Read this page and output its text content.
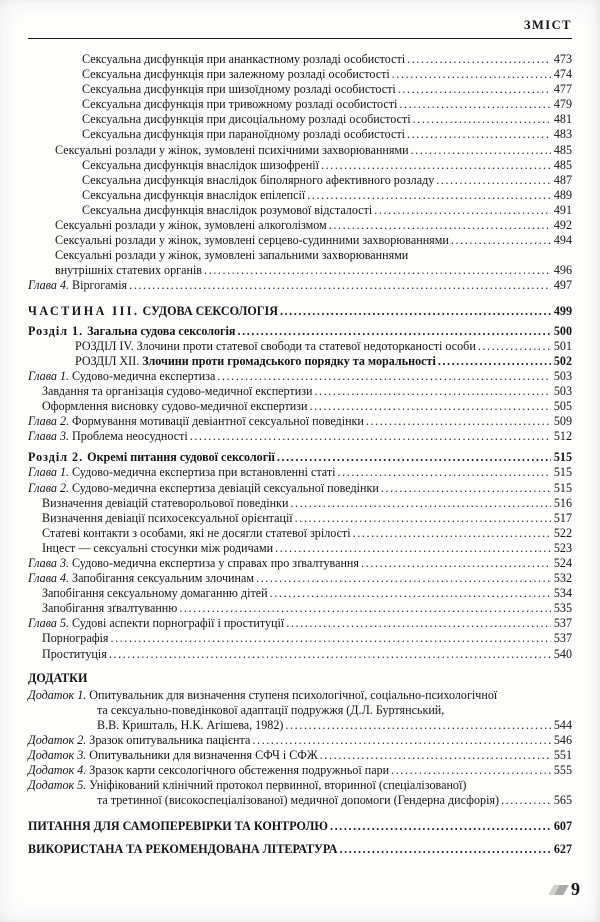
ЗМІСТ
Сексуальна дисфункція при ананкастному розладі особистості .....	473
Сексуальна дисфункція при залежному розладі особистості .....	474
Сексуальна дисфункція при шизоїдному розладі особистості .....	477
Сексуальна дисфункція при тривожному розладі особистості .....	479
Сексуальна дисфункція при дисоціальному розладі особистості .....	481
Сексуальна дисфункція при параноїдному розладі особистості .....	483
Сексуальні розлади у жінок, зумовлені психічними захворюваннями .....	485
Сексуальна дисфункція внаслідок шизофренії .....	485
Сексуальна дисфункція внаслідок біполярного афективного розладу .....	487
Сексуальна дисфункція внаслідок епілепсії .....	489
Сексуальна дисфункція внаслідок розумової відсталості .....	491
Сексуальні розлади у жінок, зумовлені алкоголізмом .....	492
Сексуальні розлади у жінок, зумовлені серцево-судинними захворюваннями .....	494
Сексуальні розлади у жінок, зумовлені запальними захворюваннями
внутрішніх статевих органів .....	496
Глава 4. Віргогамія .....	497
ЧАСТИНА III. СУДОВА СЕКСОЛОГІЯ .....	499
Розділ 1. Загальна судова сексологія .....	500
РОЗДІЛ IV. Злочини проти статевої свободи та статевої недоторканості особи .....	501
РОЗДІЛ XII. Злочини проти громадського порядку та моральності .....	502
Глава 1. Судово-медична експертиза .....	503
Завдання та організація судово-медичної експертизи .....	503
Оформлення висновку судово-медичної експертизи .....	505
Глава 2. Формування мотивації девіантної сексуальної поведінки .....	509
Глава 3. Проблема неосудності .....	512
Розділ 2. Окремі питання судової сексології .....	515
Глава 1. Судово-медична експертиза при встановленні статі .....	515
Глава 2. Судово-медична експертиза девіацій сексуальної поведінки .....	515
Визначення девіацій статеворольової поведінки .....	516
Визначення девіації психосексуальної орієнтації .....	517
Статеві контакти з особами, які не досягли статевої зрілості .....	522
Інцест — сексуальні стосунки між родичами .....	523
Глава 3. Судово-медична експертиза у справах про зґвалтування .....	524
Глава 4. Запобігання сексуальним злочинам .....	532
Запобігання сексуальному домаганню дітей .....	534
Запобігання зґвалтуванню .....	535
Глава 5. Судові аспекти порнографії і проституції .....	537
Порнографія .....	537
Проституція .....	540
ДОДАТКИ
Додаток 1. Опитувальник для визначення ступеня психологічної, соціально-психологічної
та сексуально-поведінкової адаптації подружжя (Д.Л. Буртянський,
В.В. Кришталь, Н.К. Агішева, 1982) .....	544
Додаток 2. Зразок опитувальника пацієнта .....	546
Додаток 3. Опитувальники для визначення СФЧ і СФЖ .....	551
Додаток 4. Зразок карти сексологічного обстеження подружньої пари .....	555
Додаток 5. Уніфікований клінічний протокол первинної, вторинної (спеціалізованої)
та третинної (високоспеціалізованої) медичної допомоги (Гендерна дисфорія) .....	565
ПИТАННЯ ДЛЯ САМОПЕРЕВІРКИ ТА КОНТРОЛЮ .....	607
ВИКОРИСТАНА ТА РЕКОМЕНДОВАНА ЛІТЕРАТУРА .....	627
9
